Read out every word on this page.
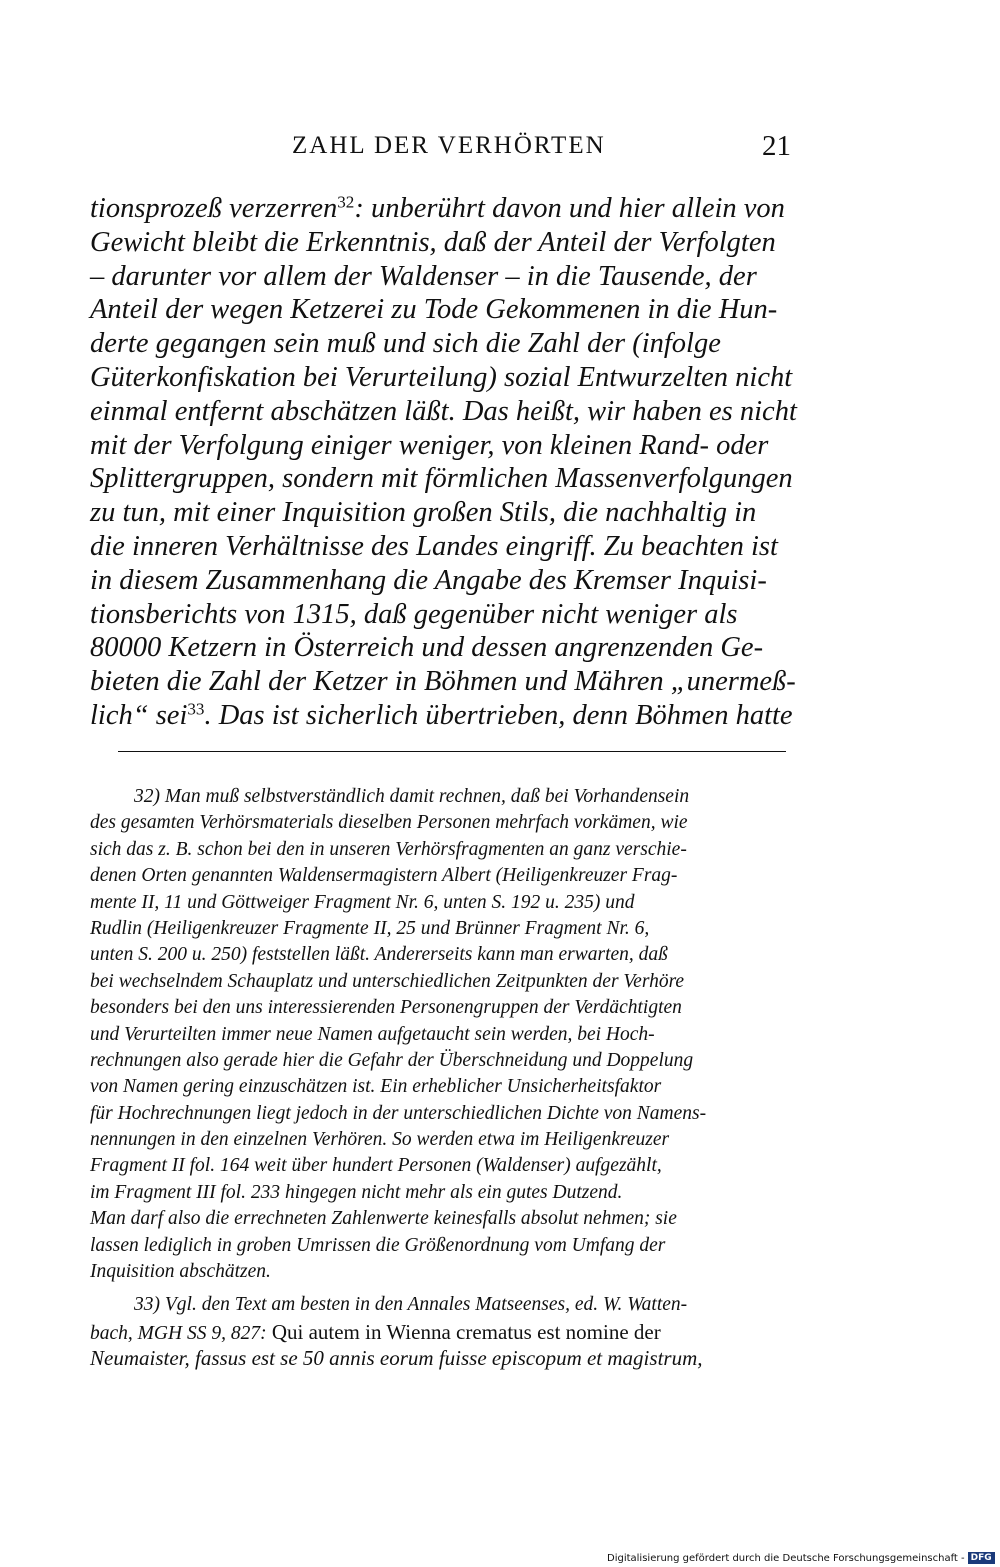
ZAHL DER VERHÖRTEN	21
tionsprozeß verzerren$^{32}$: unberührt davon und hier allein von
Gewicht bleibt die Erkenntnis, daß der Anteil der Verfolgten
– darunter vor allem der Waldenser – in die Tausende, der
Anteil der wegen Ketzerei zu Tode Gekommenen in die Hun-
derte gegangen sein muß und sich die Zahl der (infolge
Güterkonfiskation bei Verurteilung) sozial Entwurzelten nicht
einmal entfernt abschätzen läßt. Das heißt, wir haben es nicht
mit der Verfolgung einiger weniger, von kleinen Rand- oder
Splittergruppen, sondern mit förmlichen Massenverfolgungen
zu tun, mit einer Inquisition großen Stils, die nachhaltig in
die inneren Verhältnisse des Landes eingriff. Zu beachten ist
in diesem Zusammenhang die Angabe des Kremser Inquisi-
tionsberichts von 1315, daß gegenüber nicht weniger als
80000 Ketzern in Österreich und dessen angrenzenden Ge-
bieten die Zahl der Ketzer in Böhmen und Mähren „unermeß-
lich“ sei$^{33}$. Das ist sicherlich übertrieben, denn Böhmen hatte
32) Man muß selbstverständlich damit rechnen, daß bei Vorhandensein
des gesamten Verhörsmaterials dieselben Personen mehrfach vorkämen, wie
sich das z. B. schon bei den in unseren Verhörsfragmenten an ganz verschie-
denen Orten genannten Waldensermagistern Albert (Heiligenkreuzer Frag-
mente II, 11 und Göttweiger Fragment Nr. 6, unten S. 192 u. 235) und
Rudlin (Heiligenkreuzer Fragmente II, 25 und Brünner Fragment Nr. 6,
unten S. 200 u. 250) feststellen läßt. Andererseits kann man erwarten, daß
bei wechselndem Schauplatz und unterschiedlichen Zeitpunkten der Verhöre
besonders bei den uns interessierenden Personengruppen der Verdächtigten
und Verurteilten immer neue Namen aufgetaucht sein werden, bei Hoch-
rechnungen also gerade hier die Gefahr der Überschneidung und Doppelung
von Namen gering einzuschätzen ist. Ein erheblicher Unsicherheitsfaktor
für Hochrechnungen liegt jedoch in der unterschiedlichen Dichte von Namens-
nennungen in den einzelnen Verhören. So werden etwa im Heiligenkreuzer
Fragment II fol. 164 weit über hundert Personen (Waldenser) aufgezählt,
im Fragment III fol. 233 hingegen nicht mehr als ein gutes Dutzend.
Man darf also die errechneten Zahlenwerte keinesfalls absolut nehmen; sie
lassen lediglich in groben Umrissen die Größenordnung vom Umfang der
Inquisition abschätzen.
33) Vgl. den Text am besten in den Annales Matseenses, ed. W. Watten-
bach, MGH SS 9, 827: Qui autem in Wienna crematus est nomine der
Neumaister, fassus est se 50 annis eorum fuisse episcopum et magistrum,
Digitalisierung gefördert durch die Deutsche Forschungsgemeinschaft - DFG
